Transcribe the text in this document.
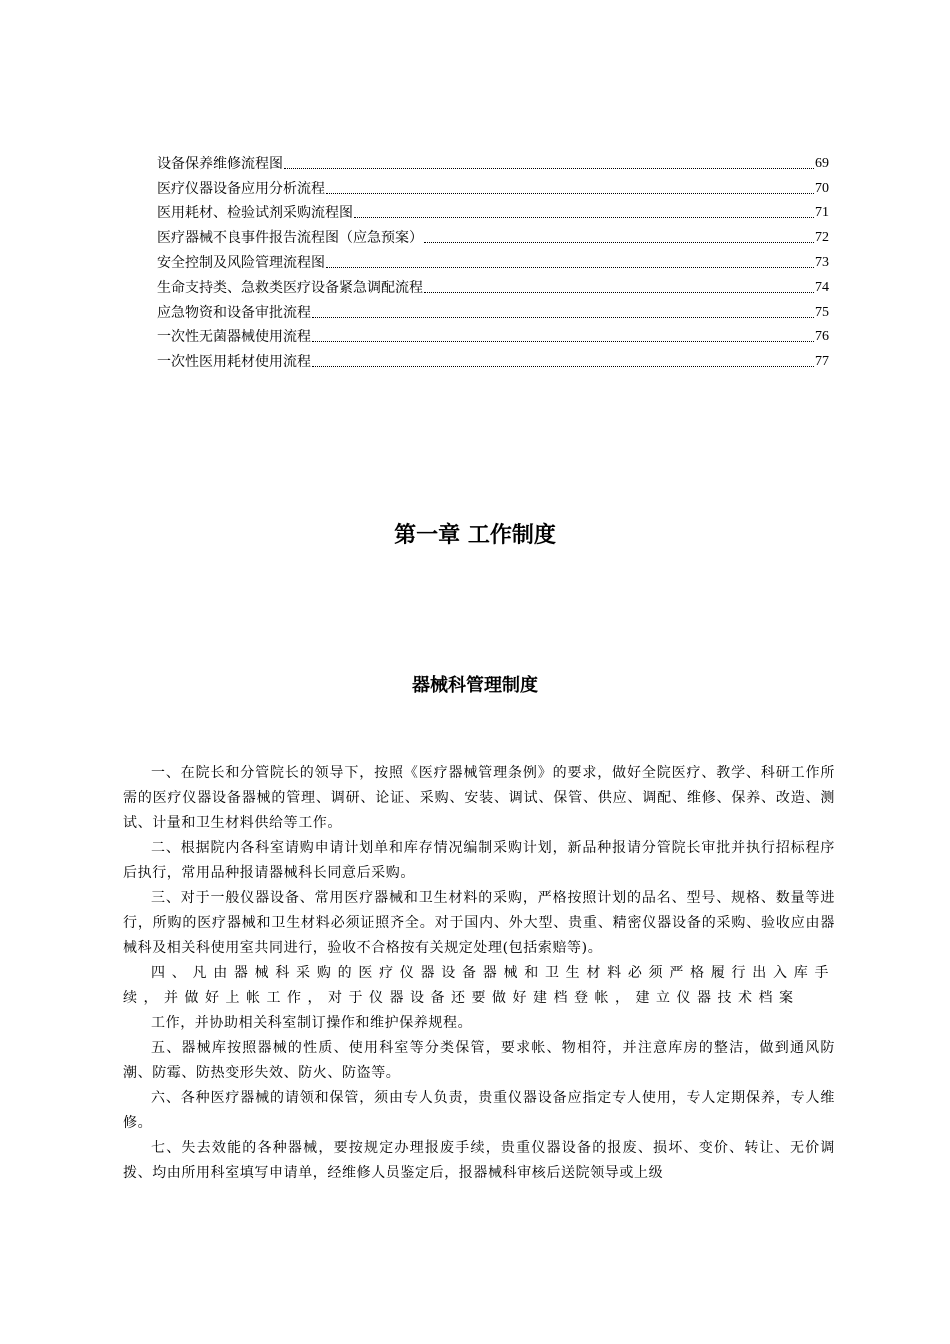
设备保养维修流程图	69
医疗仪器设备应用分析流程	70
医用耗材、检验试剂采购流程图	71
医疗器械不良事件报告流程图（应急预案）	72
安全控制及风险管理流程图	73
生命支持类、急救类医疗设备紧急调配流程	74
应急物资和设备审批流程	75
一次性无菌器械使用流程	76
一次性医用耗材使用流程	77
第一章 工作制度
器械科管理制度

一、在院长和分管院长的领导下，按照《医疗器械管理条例》的要求，做好全院医疗、教学、科研工作所需的医疗仪器设备器械的管理、调研、论证、采购、安装、调试、保管、供应、调配、维修、保养、改造、测试、计量和卫生材料供给等工作。

二、根据院内各科室请购申请计划单和库存情况编制采购计划，新品种报请分管院长审批并执行招标程序后执行，常用品种报请器械科长同意后采购。

三、对于一般仪器设备、常用医疗器械和卫生材料的采购，严格按照计划的品名、型号、规格、数量等进行，所购的医疗器械和卫生材料必须证照齐全。对于国内、外大型、贵重、精密仪器设备的采购、验收应由器械科及相关科使用室共同进行，验收不合格按有关规定处理(包括索赔等)。

四、凡由器械科采购的医疗仪器设备器械和卫生材料必须严格履行出入库手续，并做好上帐工作，对于仪器设备还要做好建档登帐，建立仪器技术档案

工作，并协助相关科室制订操作和维护保养规程。

五、器械库按照器械的性质、使用科室等分类保管，要求帐、物相符，并注意库房的整洁，做到通风防潮、防霉、防热变形失效、防火、防盗等。

六、各种医疗器械的请领和保管，须由专人负责，贵重仪器设备应指定专人使用，专人定期保养，专人维修。

七、失去效能的各种器械，要按规定办理报废手续，贵重仪器设备的报废、损坏、变价、转让、无价调拨、均由所用科室填写申请单，经维修人员鉴定后，报器械科审核后送院领导或上级
